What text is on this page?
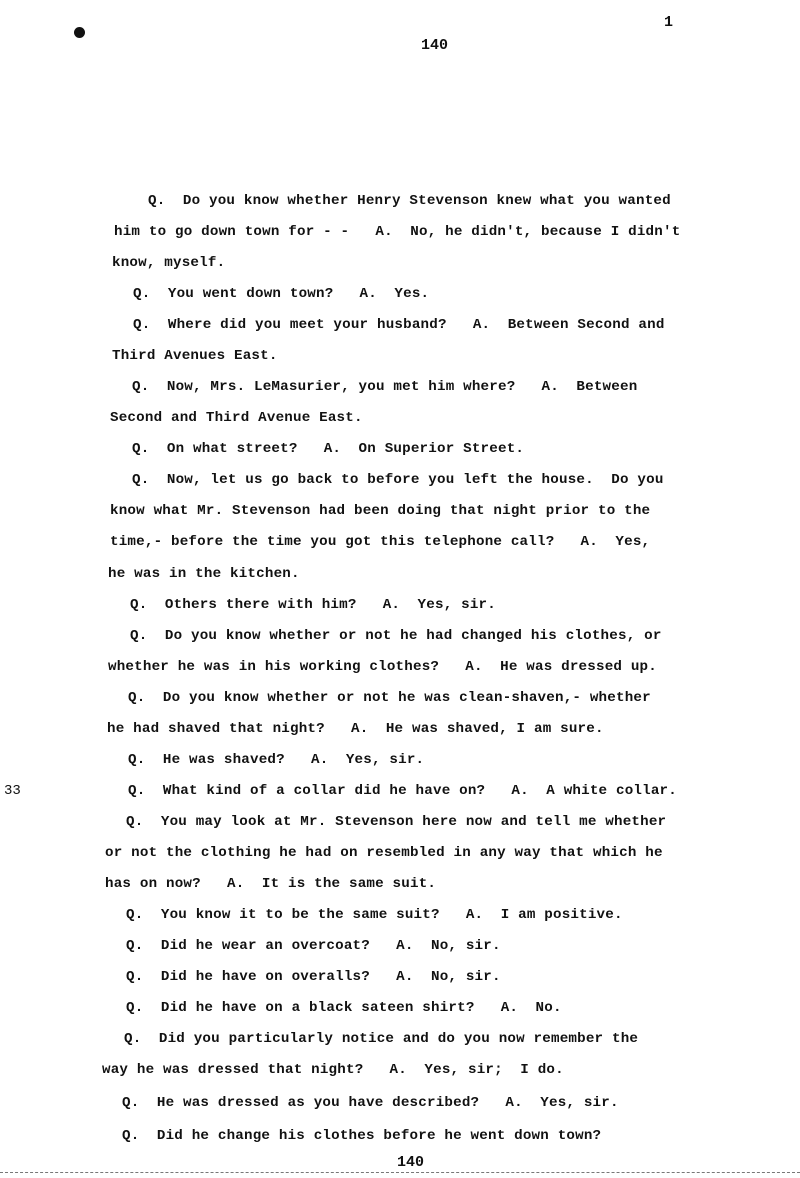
1
140
33
Q.  Do you know whether Henry Stevenson knew what you wanted
him to go down town for - -   A.  No, he didn't, because I didn't
know, myself.
Q.  You went down town?   A.  Yes.
Q.  Where did you meet your husband?   A.  Between Second and
Third Avenues East.
Q.  Now, Mrs. LeMasurier, you met him where?   A.  Between
Second and Third Avenue East.
Q.  On what street?   A.  On Superior Street.
Q.  Now, let us go back to before you left the house.  Do you
know what Mr. Stevenson had been doing that night prior to the
time,- before the time you got this telephone call?   A.  Yes,
he was in the kitchen.
Q.  Others there with him?   A.  Yes, sir.
Q.  Do you know whether or not he had changed his clothes, or
whether he was in his working clothes?   A.  He was dressed up.
Q.  Do you know whether or not he was clean-shaven,- whether
he had shaved that night?   A.  He was shaved, I am sure.
Q.  He was shaved?   A.  Yes, sir.
Q.  What kind of a collar did he have on?   A.  A white collar.
Q.  You may look at Mr. Stevenson here now and tell me whether
or not the clothing he had on resembled in any way that which he
has on now?   A.  It is the same suit.
Q.  You know it to be the same suit?   A.  I am positive.
Q.  Did he wear an overcoat?   A.  No, sir.
Q.  Did he have on overalls?   A.  No, sir.
Q.  Did he have on a black sateen shirt?   A.  No.
Q.  Did you particularly notice and do you now remember the
way he was dressed that night?   A.  Yes, sir;  I do.
Q.  He was dressed as you have described?   A.  Yes, sir.
Q.  Did he change his clothes before he went down town?
140
